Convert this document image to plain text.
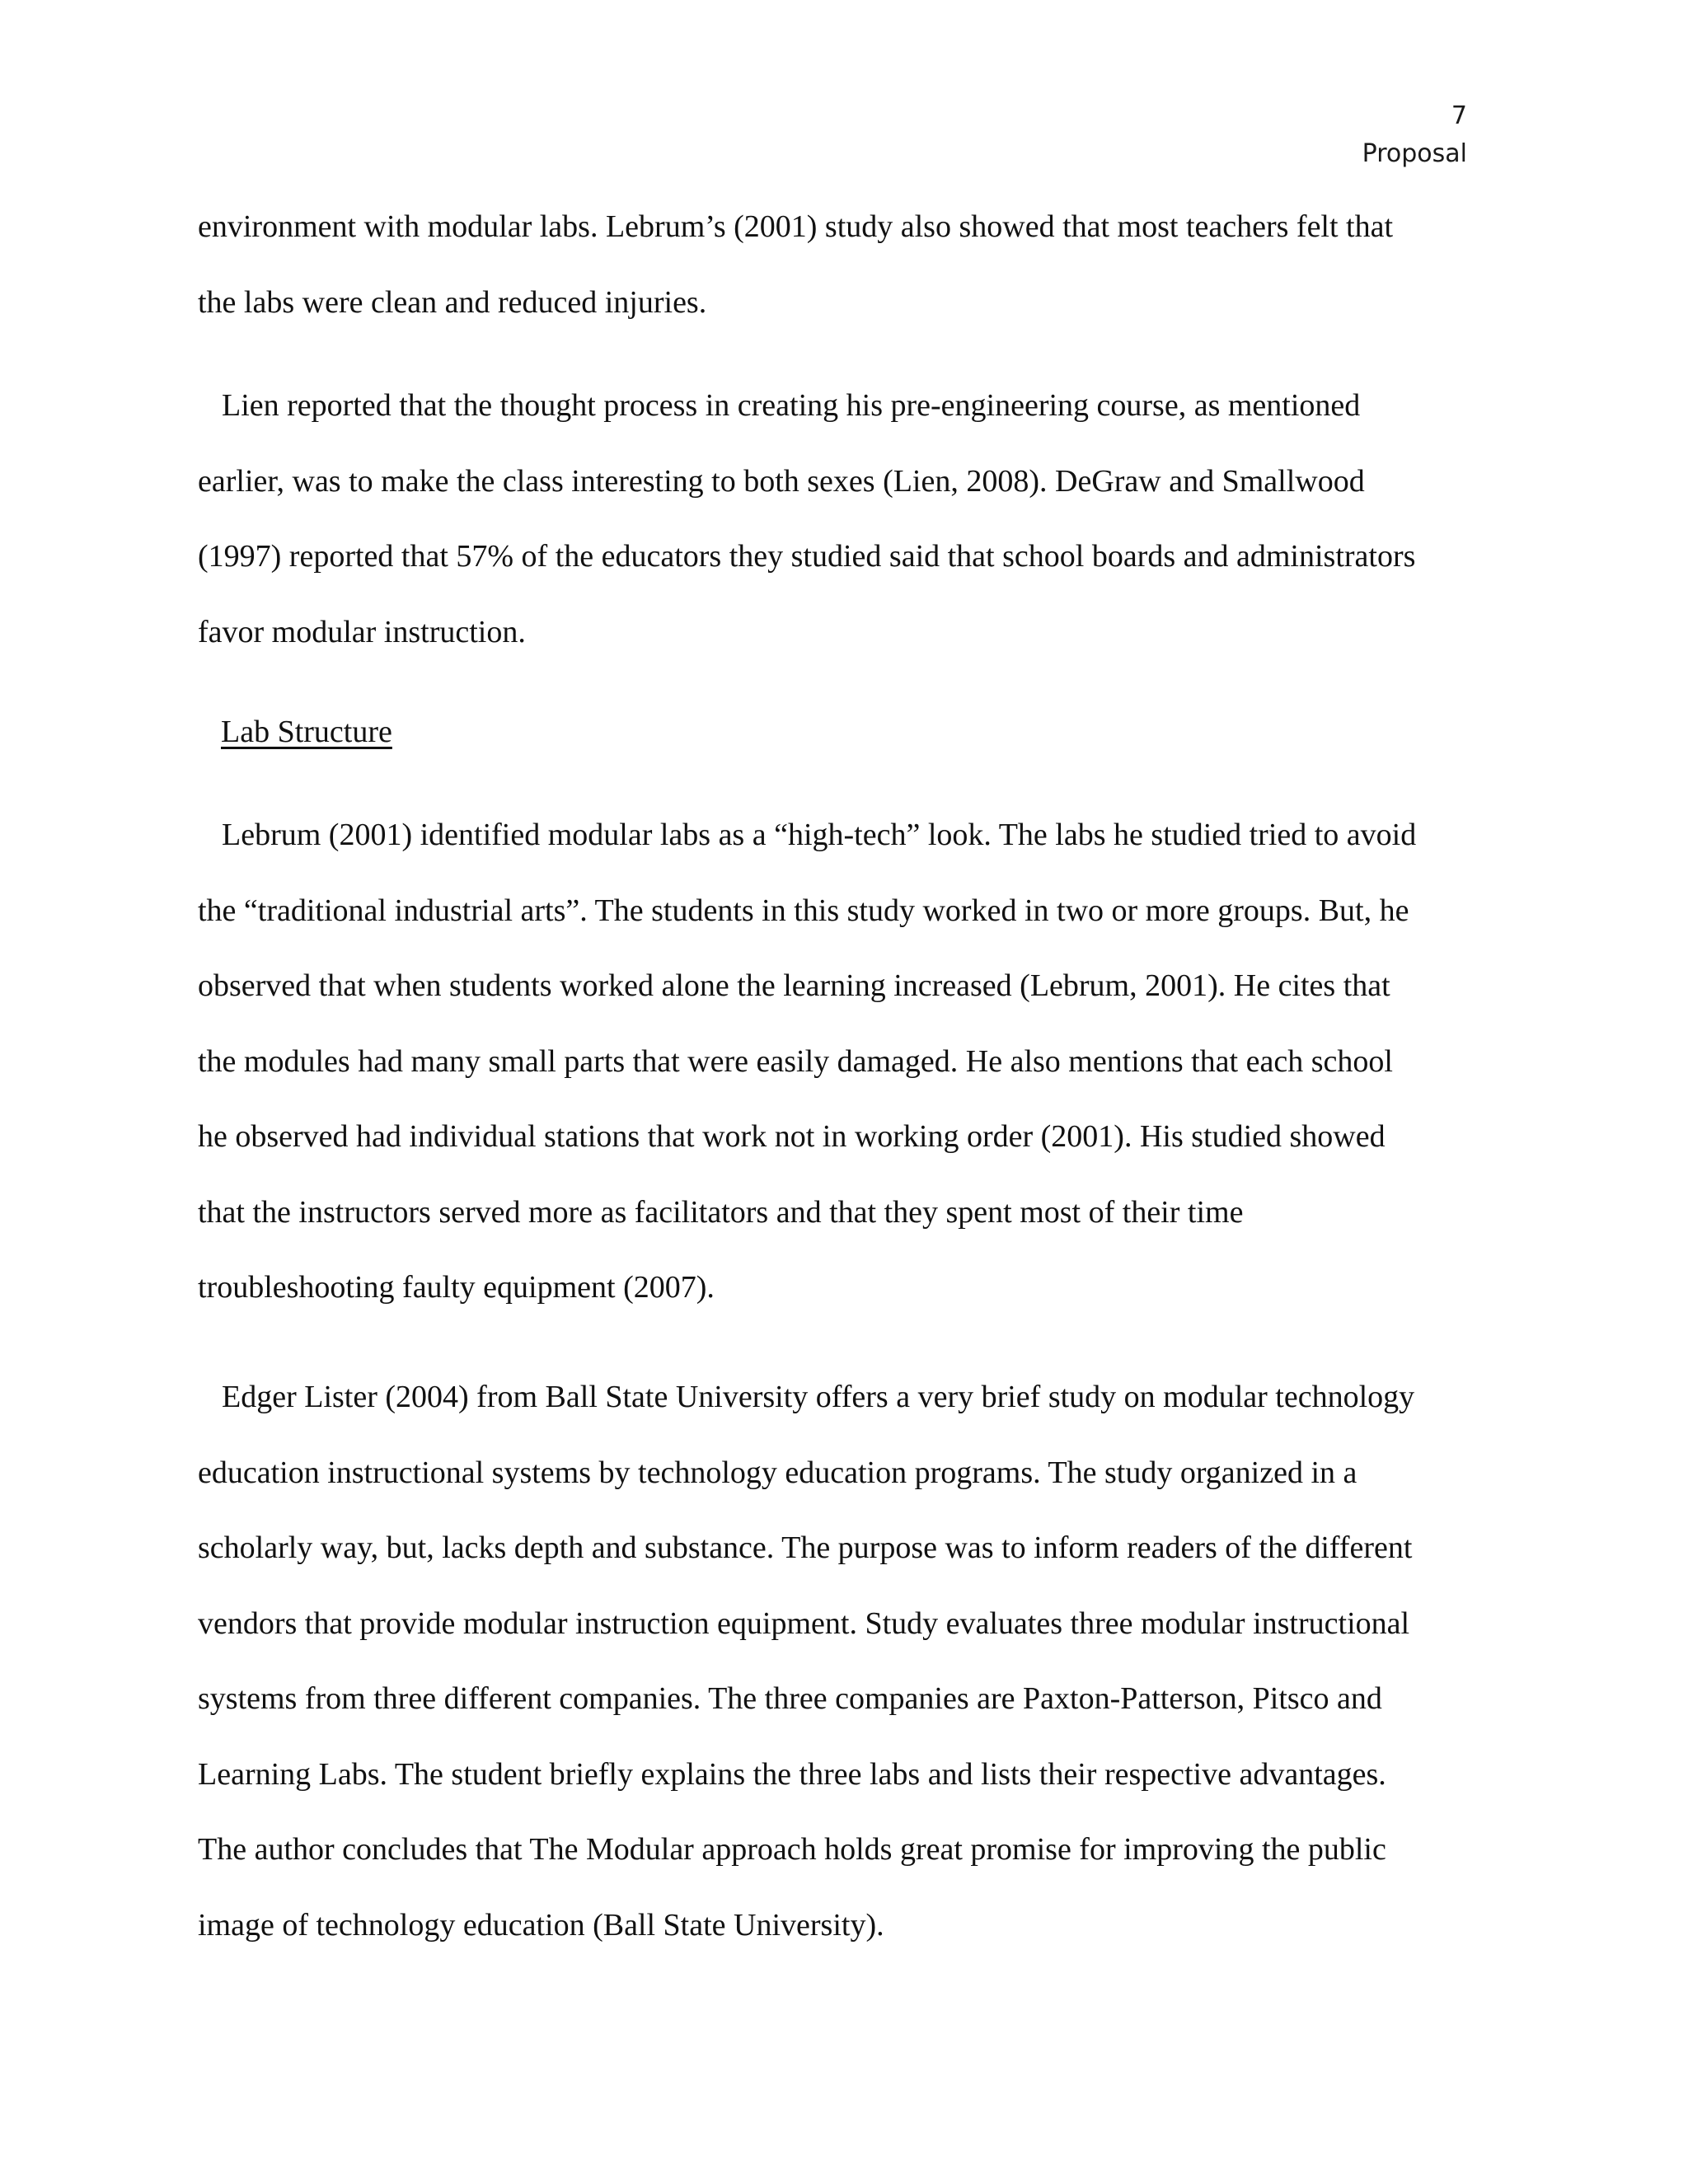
7
Proposal
environment with modular labs. Lebrum’s (2001) study also showed that most teachers felt that
the labs were clean and reduced injuries.
Lien reported that the thought process in creating his pre-engineering course, as mentioned
earlier, was to make the class interesting to both sexes (Lien, 2008). DeGraw and Smallwood
(1997) reported that 57% of the educators they studied said that school boards and administrators
favor modular instruction.
Lab Structure
Lebrum (2001) identified modular labs as a “high-tech” look. The labs he studied tried to avoid
the “traditional industrial arts”. The students in this study worked in two or more groups. But, he
observed that when students worked alone the learning increased (Lebrum, 2001). He cites that
the modules had many small parts that were easily damaged. He also mentions that each school
he observed had individual stations that work not in working order (2001). His studied showed
that the instructors served more as facilitators and that they spent most of their time
troubleshooting faulty equipment (2007).
Edger Lister (2004) from Ball State University offers a very brief study on modular technology
education instructional systems by technology education programs. The study organized in a
scholarly way, but, lacks depth and substance. The purpose was to inform readers of the different
vendors that provide modular instruction equipment. Study evaluates three modular instructional
systems from three different companies. The three companies are Paxton-Patterson, Pitsco and
Learning Labs. The student briefly explains the three labs and lists their respective advantages.
The author concludes that The Modular approach holds great promise for improving the public
image of technology education (Ball State University).
